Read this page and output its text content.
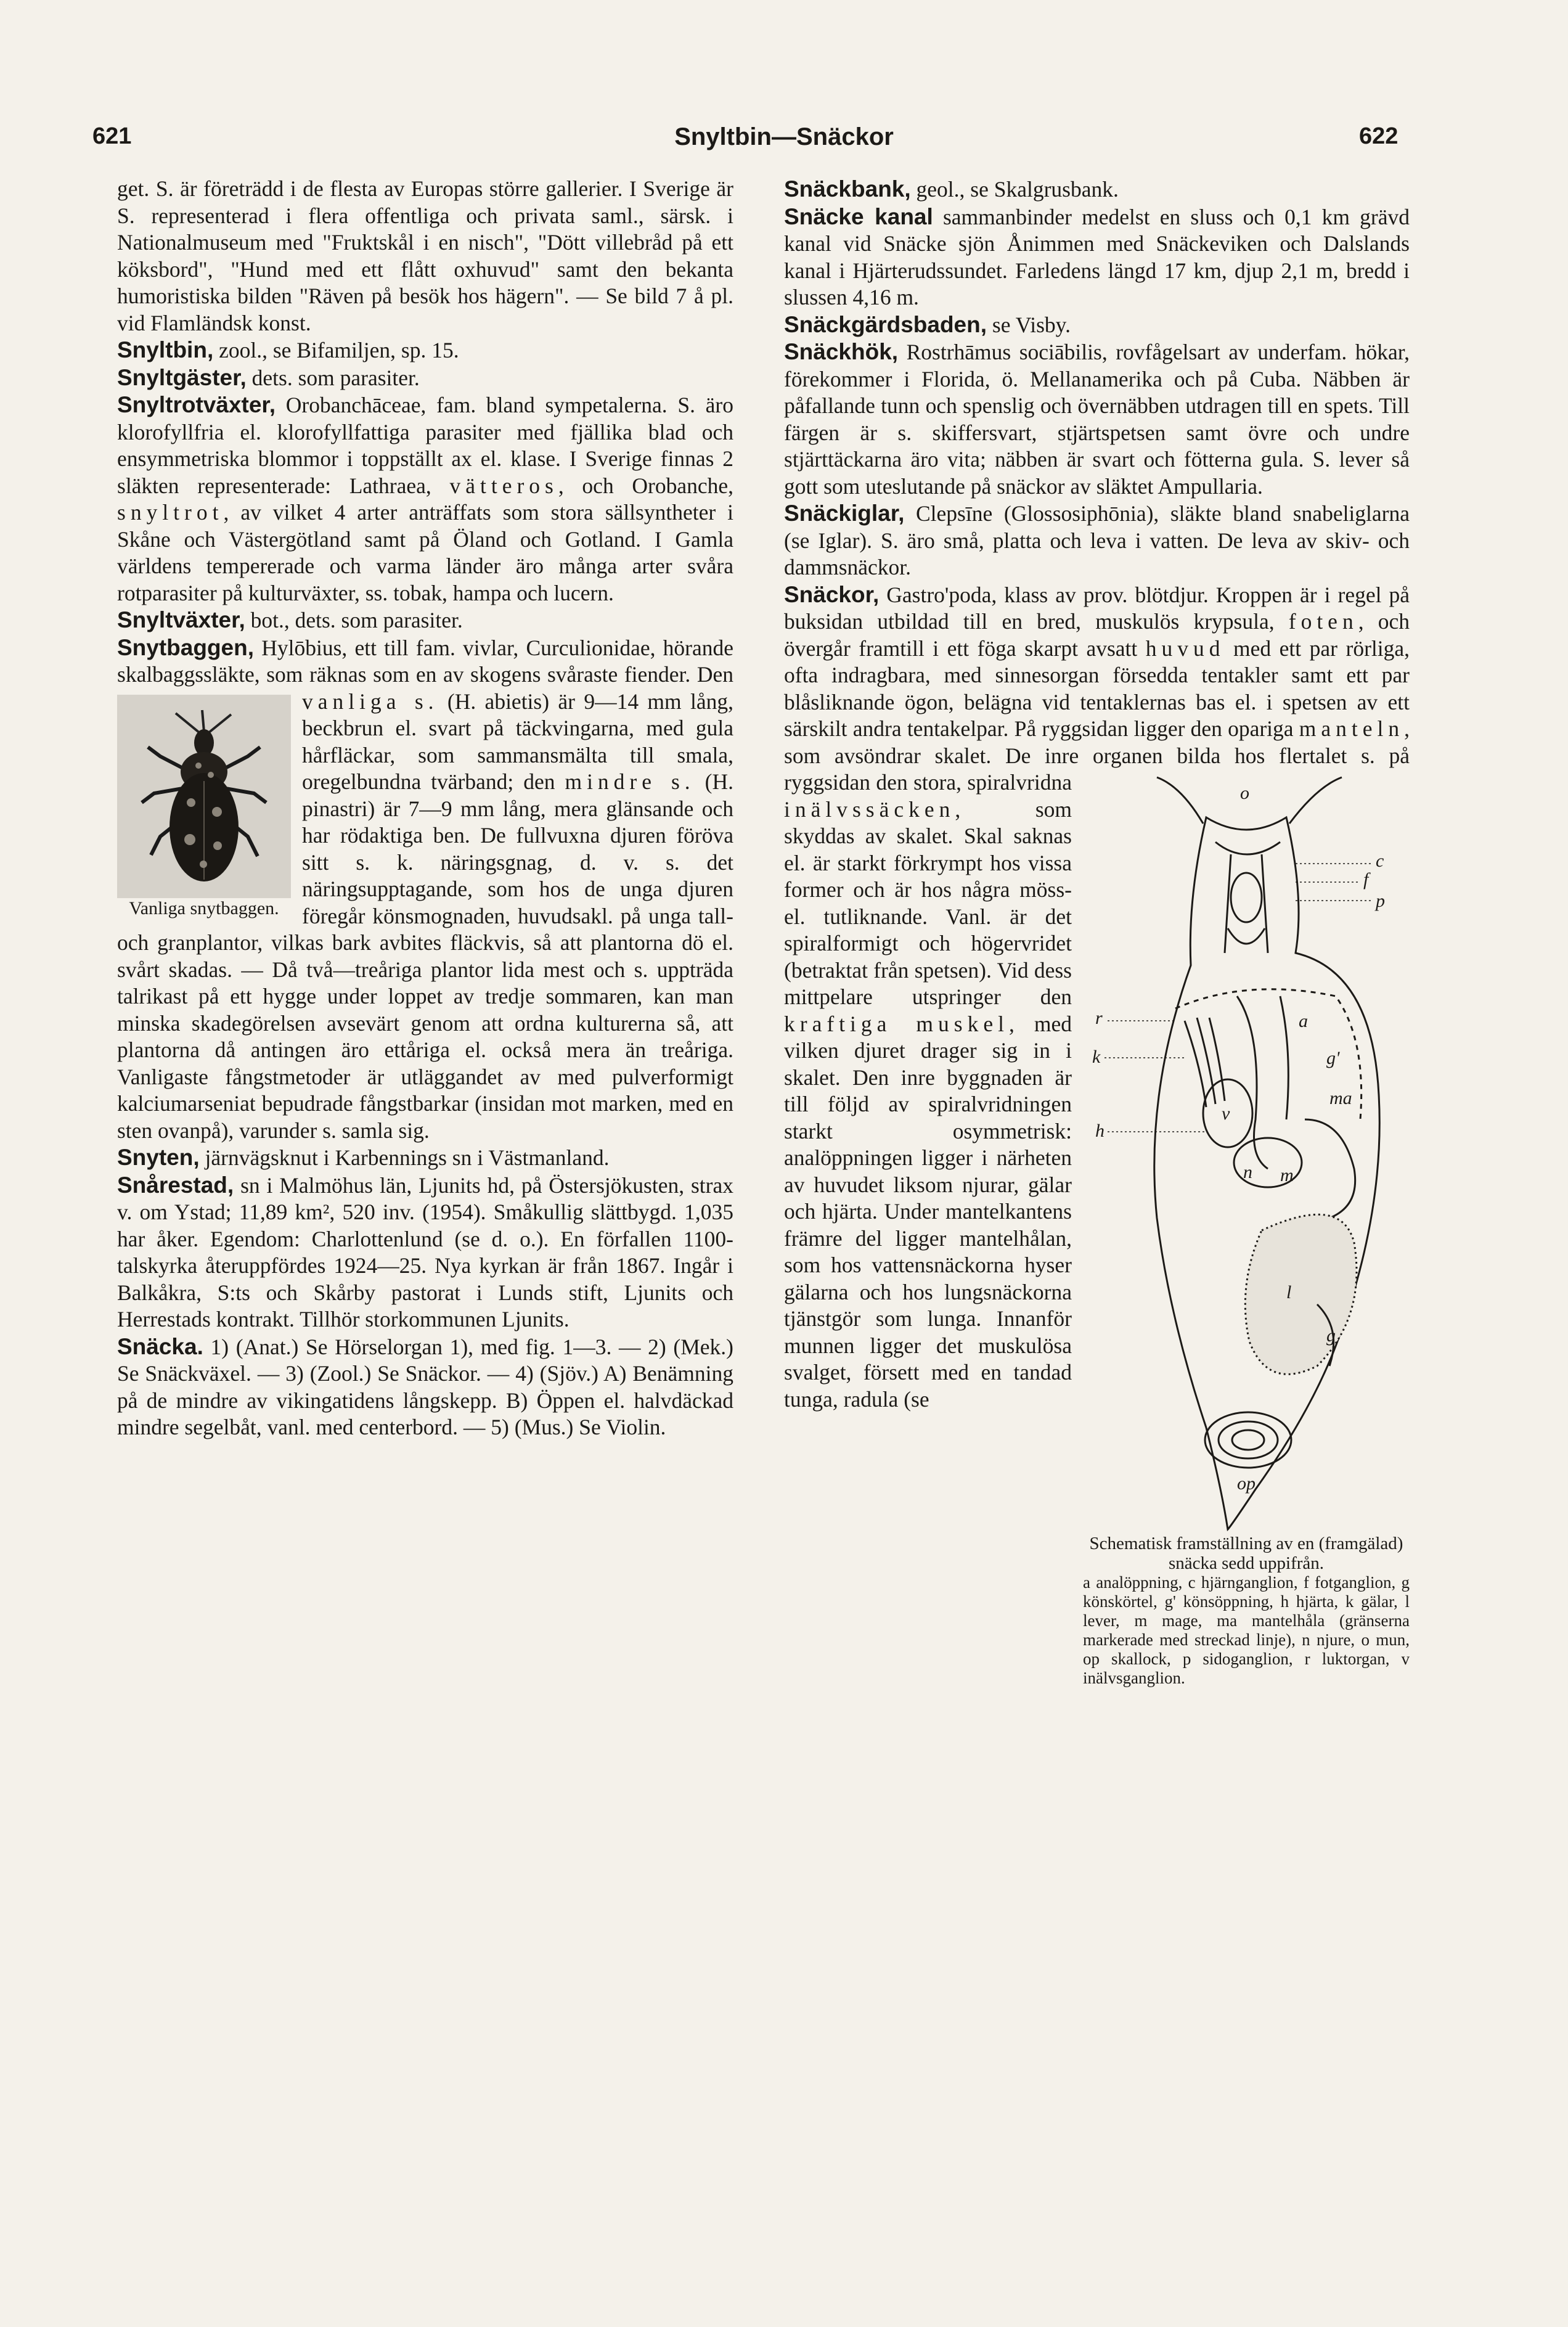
621	Snyltbin—Snäckor	622

get. S. är företrädd i de flesta av Europas större gallerier. I Sverige är S. representerad i flera offentliga och privata saml., särsk. i Nationalmuseum med "Fruktskål i en nisch", "Dött villebråd på ett köksbord", "Hund med ett flått oxhuvud" samt den bekanta humoristiska bilden "Räven på besök hos hägern". — Se bild 7 å pl. vid Flamländsk konst.

Snyltbin, zool., se Bifamiljen, sp. 15.

Snyltgäster, dets. som parasiter.

Snyltrotväxter, Orobanchāceae, fam. bland sympetalerna. S. äro klorofyllfria el. klorofyllfattiga parasiter med fjällika blad och ensymmetriska blommor i toppställt ax el. klase. I Sverige finnas 2 släkten representerade: Lathraea, vätteros, och Orobanche, snyltrot, av vilket 4 arter anträffats som stora sällsyntheter i Skåne och Västergötland samt på Öland och Gotland. I Gamla världens tempererade och varma länder äro många arter svåra rotparasiter på kulturväxter, ss. tobak, hampa och lucern.

Snyltväxter, bot., dets. som parasiter.

Snytbaggen, Hylōbius, ett till fam. vivlar, Curculionidae, hörande skalbaggssläkte, som räknas som en av skogens svåraste fiender. Den
Vanliga snytbaggen.
vanliga s. (H. abietis) är 9—14 mm lång, beckbrun el. svart på täckvingarna, med gula hårfläckar, som sammansmälta till smala, oregelbundna tvärband; den mindre s. (H. pinastri) är 7—9 mm lång, mera glänsande och har rödaktiga ben. De fullvuxna djuren föröva sitt s. k. näringsgnag, d. v. s. det näringsupptagande, som hos de unga djuren föregår könsmognaden, huvudsakl. på unga tall- och granplantor, vilkas bark avbites fläckvis, så att plantorna dö el. svårt skadas. — Då två—treåriga plantor lida mest och s. uppträda talrikast på ett hygge under loppet av tredje sommaren, kan man minska skadegörelsen avsevärt genom att ordna kulturerna så, att plantorna då antingen äro ettåriga el. också mera än treåriga. Vanligaste fångstmetoder är utläggandet av med pulverformigt kalciumarseniat bepudrade fångstbarkar (insidan mot marken, med en sten ovanpå), varunder s. samla sig.

Snyten, järnvägsknut i Karbennings sn i Västmanland.

Snårestad, sn i Malmöhus län, Ljunits hd, på Östersjökusten, strax v. om Ystad; 11,89 km², 520 inv. (1954). Småkullig slättbygd. 1,035 har åker. Egendom: Charlottenlund (se d. o.). En förfallen 1100-talskyrka återuppfördes 1924—25. Nya kyrkan är från 1867. Ingår i Balkåkra, S:ts och Skårby pastorat i Lunds stift, Ljunits och Herrestads kontrakt. Tillhör storkommunen Ljunits.

Snäcka. 1) (Anat.) Se Hörselorgan 1), med fig. 1—3. — 2) (Mek.) Se Snäckväxel. — 3) (Zool.) Se Snäckor. — 4) (Sjöv.) A) Benämning på de mindre av vikingatidens långskepp. B) Öppen el. halvdäckad mindre segelbåt, vanl. med centerbord. — 5) (Mus.) Se Violin.

Snäckbank, geol., se Skalgrusbank.

Snäcke kanal sammanbinder medelst en sluss och 0,1 km grävd kanal vid Snäcke sjön Ånimmen med Snäckeviken och Dalslands kanal i Hjärterudssundet. Farledens längd 17 km, djup 2,1 m, bredd i slussen 4,16 m.

Snäckgärdsbaden, se Visby.

Snäckhök, Rostrhāmus sociābilis, rovfågelsart av underfam. hökar, förekommer i Florida, ö. Mellanamerika och på Cuba. Näbben är påfallande tunn och spenslig och övernäbben utdragen till en spets. Till färgen är s. skiffersvart, stjärtspetsen samt övre och undre stjärttäckarna äro vita; näbben är svart och fötterna gula. S. lever så gott som uteslutande på snäckor av släktet Ampullaria.

Snäckiglar, Clepsīne (Glossosiphōnia), släkte bland snabeliglarna (se Iglar). S. äro små, platta och leva i vatten. De leva av skiv- och dammsnäckor.

Snäckor, Gastro'poda, klass av prov. blötdjur. Kroppen är i regel på buksidan utbildad till en bred, muskulös krypsula, foten, och övergår framtill i ett föga skarpt avsatt huvud med ett par rörliga, ofta indragbara, med sinnesorgan försedda tentakler samt ett par blåsliknande ögon, belägna vid tentaklernas bas el. i spetsen av ett särskilt andra tentakelpar. På ryggsidan ligger den opariga manteln, som avsöndrar skalet. De inre organen bilda hos flertalet s. på ryggsidan den stora, spiralvridna	o
c
f
p
r
k
h
a
g'
ma
v
n m
l
g
op
Schematisk framställning av en (framgälad) snäcka sedd uppifrån.
a analöppning, c hjärnganglion, f fotganglion, g könskörtel, g' könsöppning, h hjärta, k gälar, l lever, m mage, ma mantelhåla (gränserna markerade med streckad linje), n njure, o mun, op skallock, p sidoganglion, r luktorgan, v inälvsganglion.
inälvssäcken, som skyddas av skalet. Skal saknas el. är starkt förkrympt hos vissa former och är hos några möss- el. tutliknande. Vanl. är det spiralformigt och högervridet (betraktat från spetsen). Vid dess mittpelare utspringer den kraftiga muskel, med vilken djuret drager sig in i skalet. Den inre byggnaden är till följd av spiralvridningen starkt osymmetrisk: analöppningen ligger i närheten av huvudet liksom njurar, gälar och hjärta. Under mantelkantens främre del ligger mantelhålan, som hos vattensnäckorna hyser gälarna och hos lungsnäckorna tjänstgör som lunga. Innanför munnen ligger det muskulösa svalget, försett med en tandad tunga, radula (se
